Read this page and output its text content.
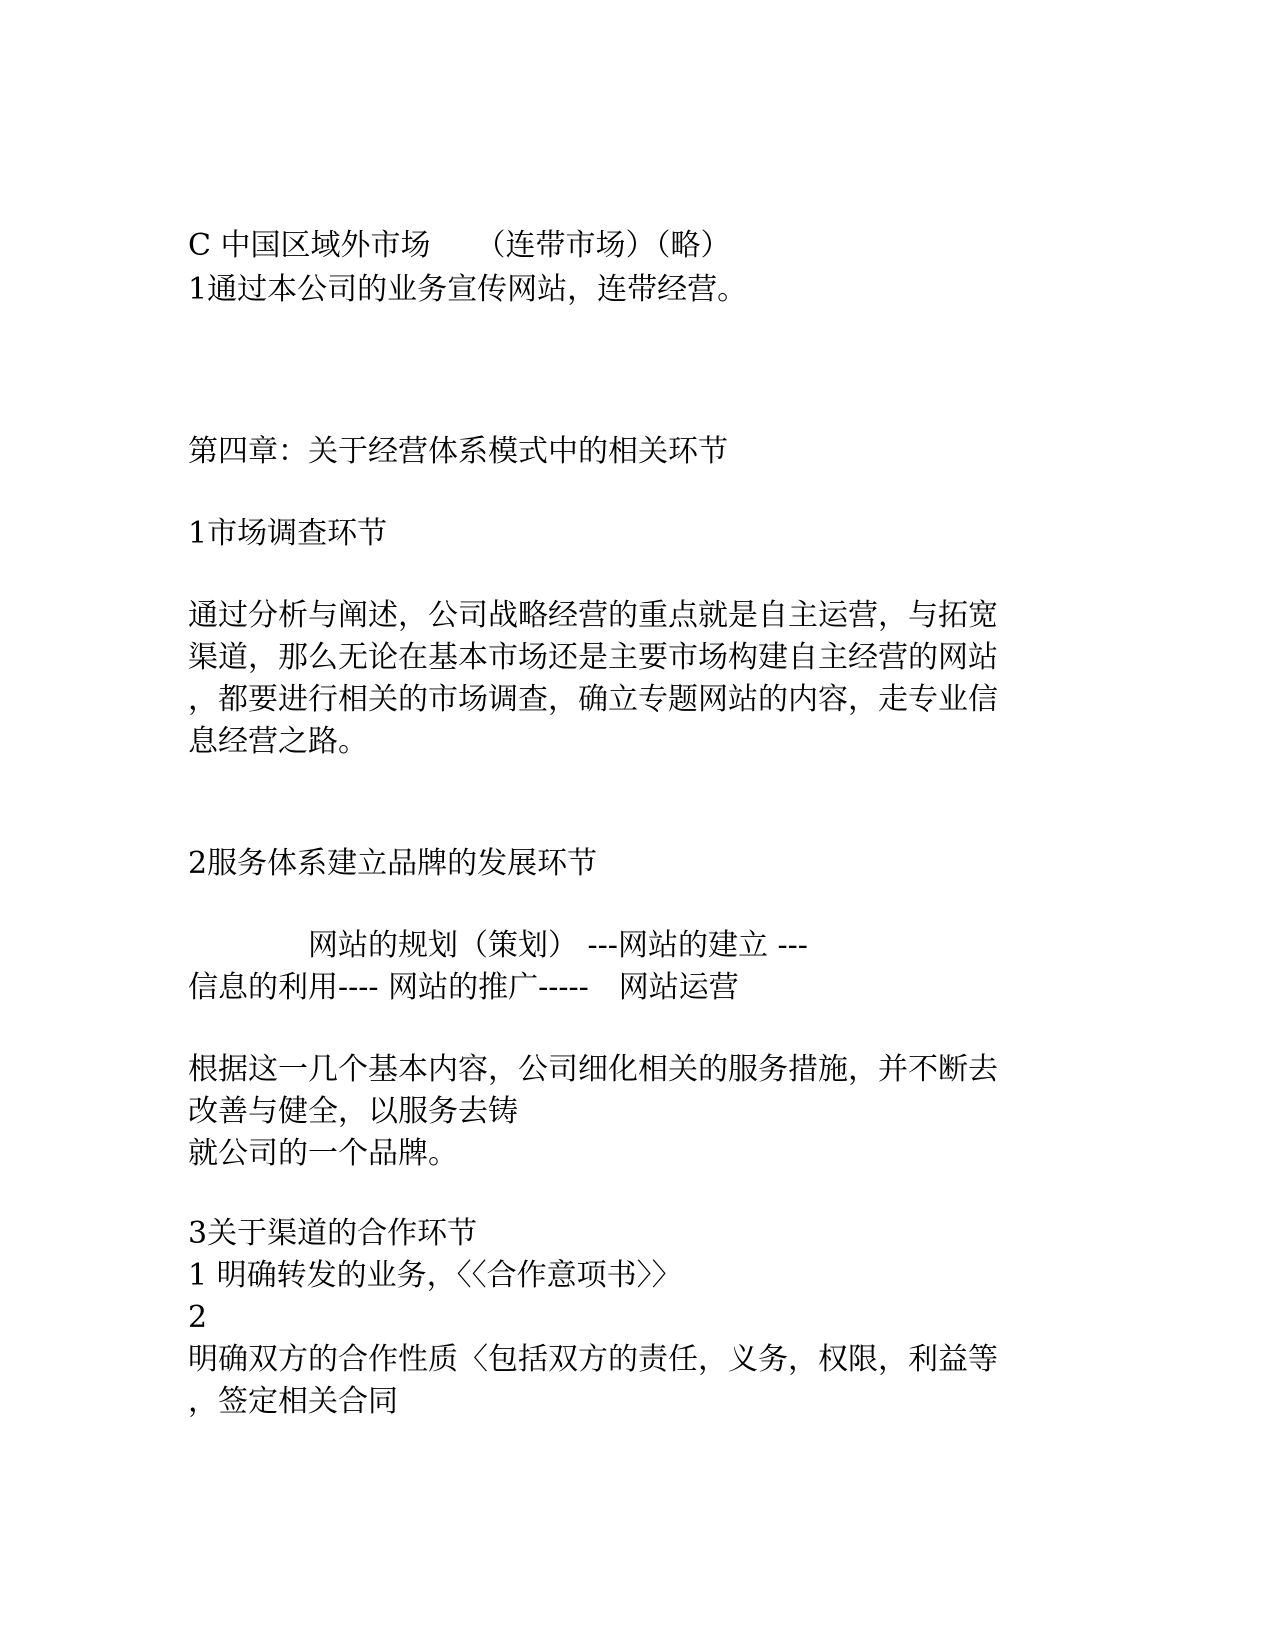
C 中国区域外市场　　（连带市场）（略）

1通过本公司的业务宣传网站，连带经营。

第四章：关于经营体系模式中的相关环节

1市场调查环节

通过分析与阐述，公司战略经营的重点就是自主运营，与拓宽

渠道，那么无论在基本市场还是主要市场构建自主经营的网站

，都要进行相关的市场调查，确立专题网站的内容，走专业信

息经营之路。

2服务体系建立品牌的发展环节

　　　　网站的规划（策划） ---网站的建立 ---

信息的利用---- 网站的推广-----　网站运营

根据这一几个基本内容，公司细化相关的服务措施，并不断去

改善与健全，以服务去铸

就公司的一个品牌。

3关于渠道的合作环节

1 明确转发的业务，〈〈合作意项书〉〉

2

明确双方的合作性质〈包括双方的责任，义务，权限，利益等

，签定相关合同
